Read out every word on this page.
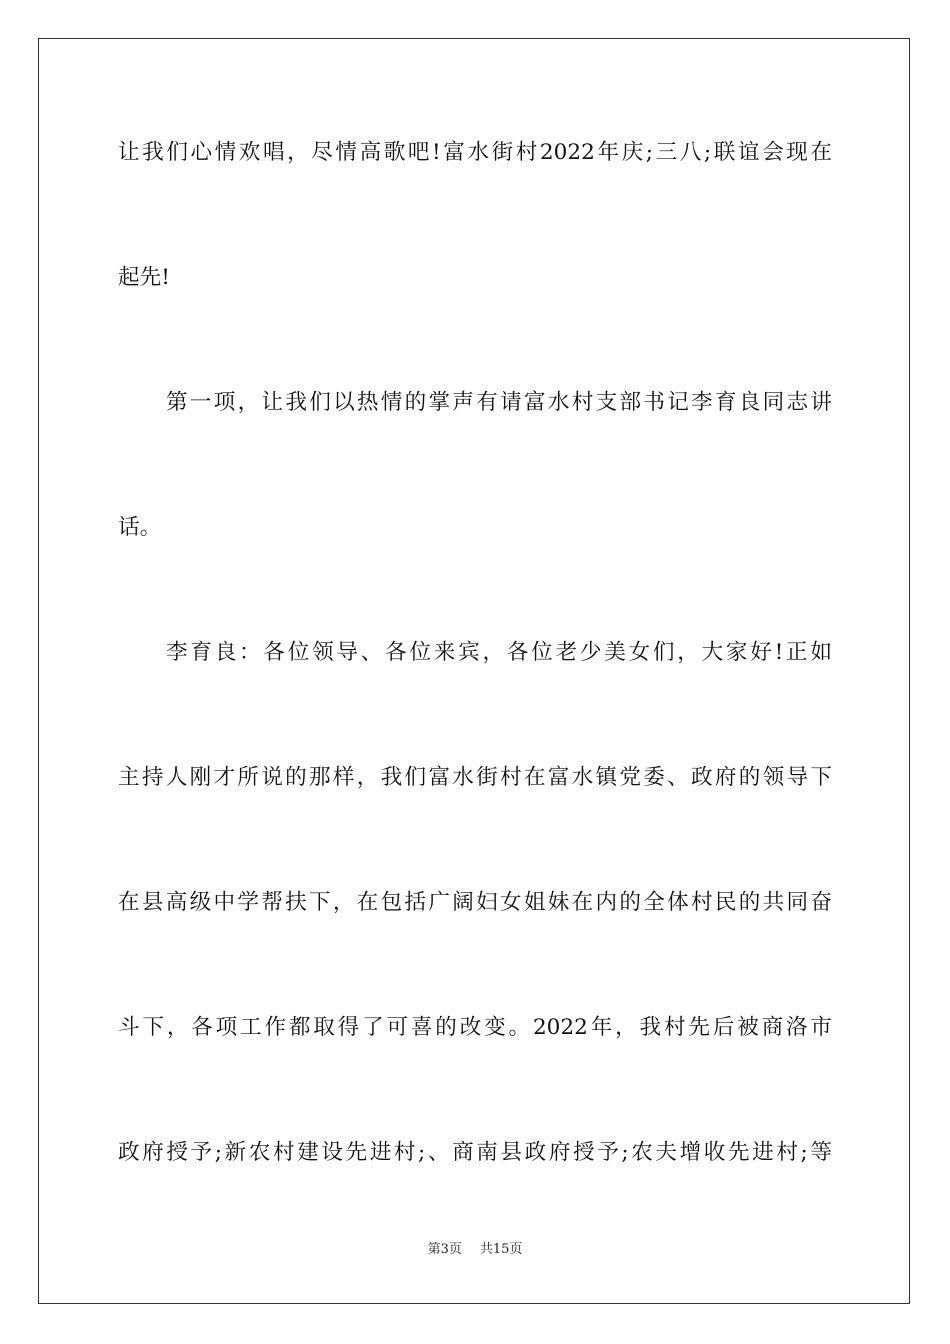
让我们心情欢唱，尽情高歌吧!富水街村2022年庆;三八;联谊会现在
起先!
第一项，让我们以热情的掌声有请富水村支部书记李育良同志讲
话。
李育良：各位领导、各位来宾，各位老少美女们，大家好!正如
主持人刚才所说的那样，我们富水街村在富水镇党委、政府的领导下
在县高级中学帮扶下，在包括广阔妇女姐妹在内的全体村民的共同奋
斗下，各项工作都取得了可喜的改变。2022年，我村先后被商洛市
政府授予;新农村建设先进村;、商南县政府授予;农夫增收先进村;等
第3页 共15页
